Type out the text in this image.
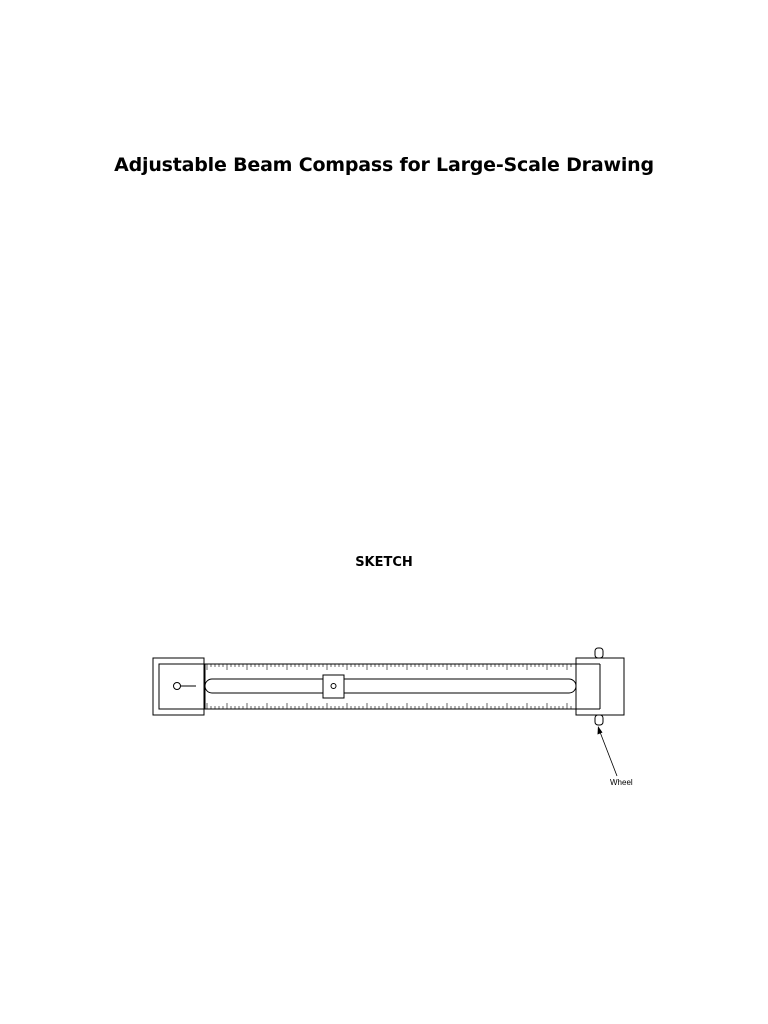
Adjustable Beam Compass for Large-Scale Drawing
SKETCH
Wheel
